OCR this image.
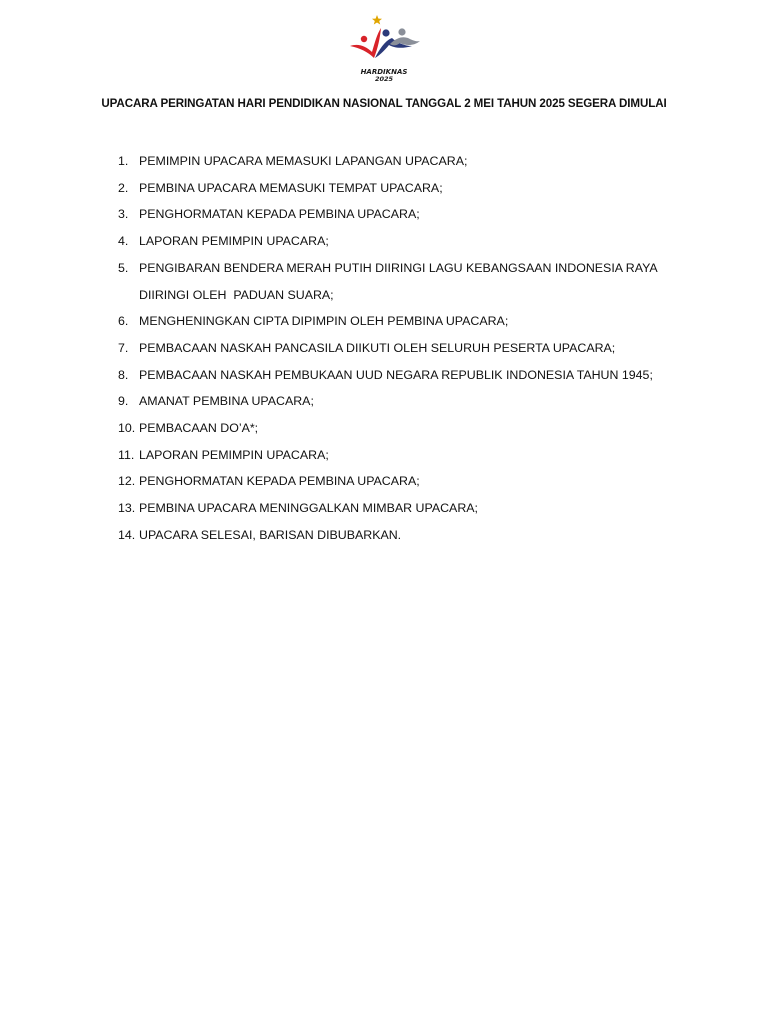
HARDIKNAS
2025
UPACARA PERINGATAN HARI PENDIDIKAN NASIONAL TANGGAL 2 MEI TAHUN 2025 SEGERA DIMULAI
1. PEMIMPIN UPACARA MEMASUKI LAPANGAN UPACARA;
2. PEMBINA UPACARA MEMASUKI TEMPAT UPACARA;
3. PENGHORMATAN KEPADA PEMBINA UPACARA;
4. LAPORAN PEMIMPIN UPACARA;
5. PENGIBARAN BENDERA MERAH PUTIH DIIRINGI LAGU KEBANGSAAN INDONESIA RAYA
DIIRINGI OLEH  PADUAN SUARA;
6. MENGHENINGKAN CIPTA DIPIMPIN OLEH PEMBINA UPACARA;
7. PEMBACAAN NASKAH PANCASILA DIIKUTI OLEH SELURUH PESERTA UPACARA;
8. PEMBACAAN NASKAH PEMBUKAAN UUD NEGARA REPUBLIK INDONESIA TAHUN 1945;
9. AMANAT PEMBINA UPACARA;
10. PEMBACAAN DO’A*;
11. LAPORAN PEMIMPIN UPACARA;
12. PENGHORMATAN KEPADA PEMBINA UPACARA;
13. PEMBINA UPACARA MENINGGALKAN MIMBAR UPACARA;
14. UPACARA SELESAI, BARISAN DIBUBARKAN.
